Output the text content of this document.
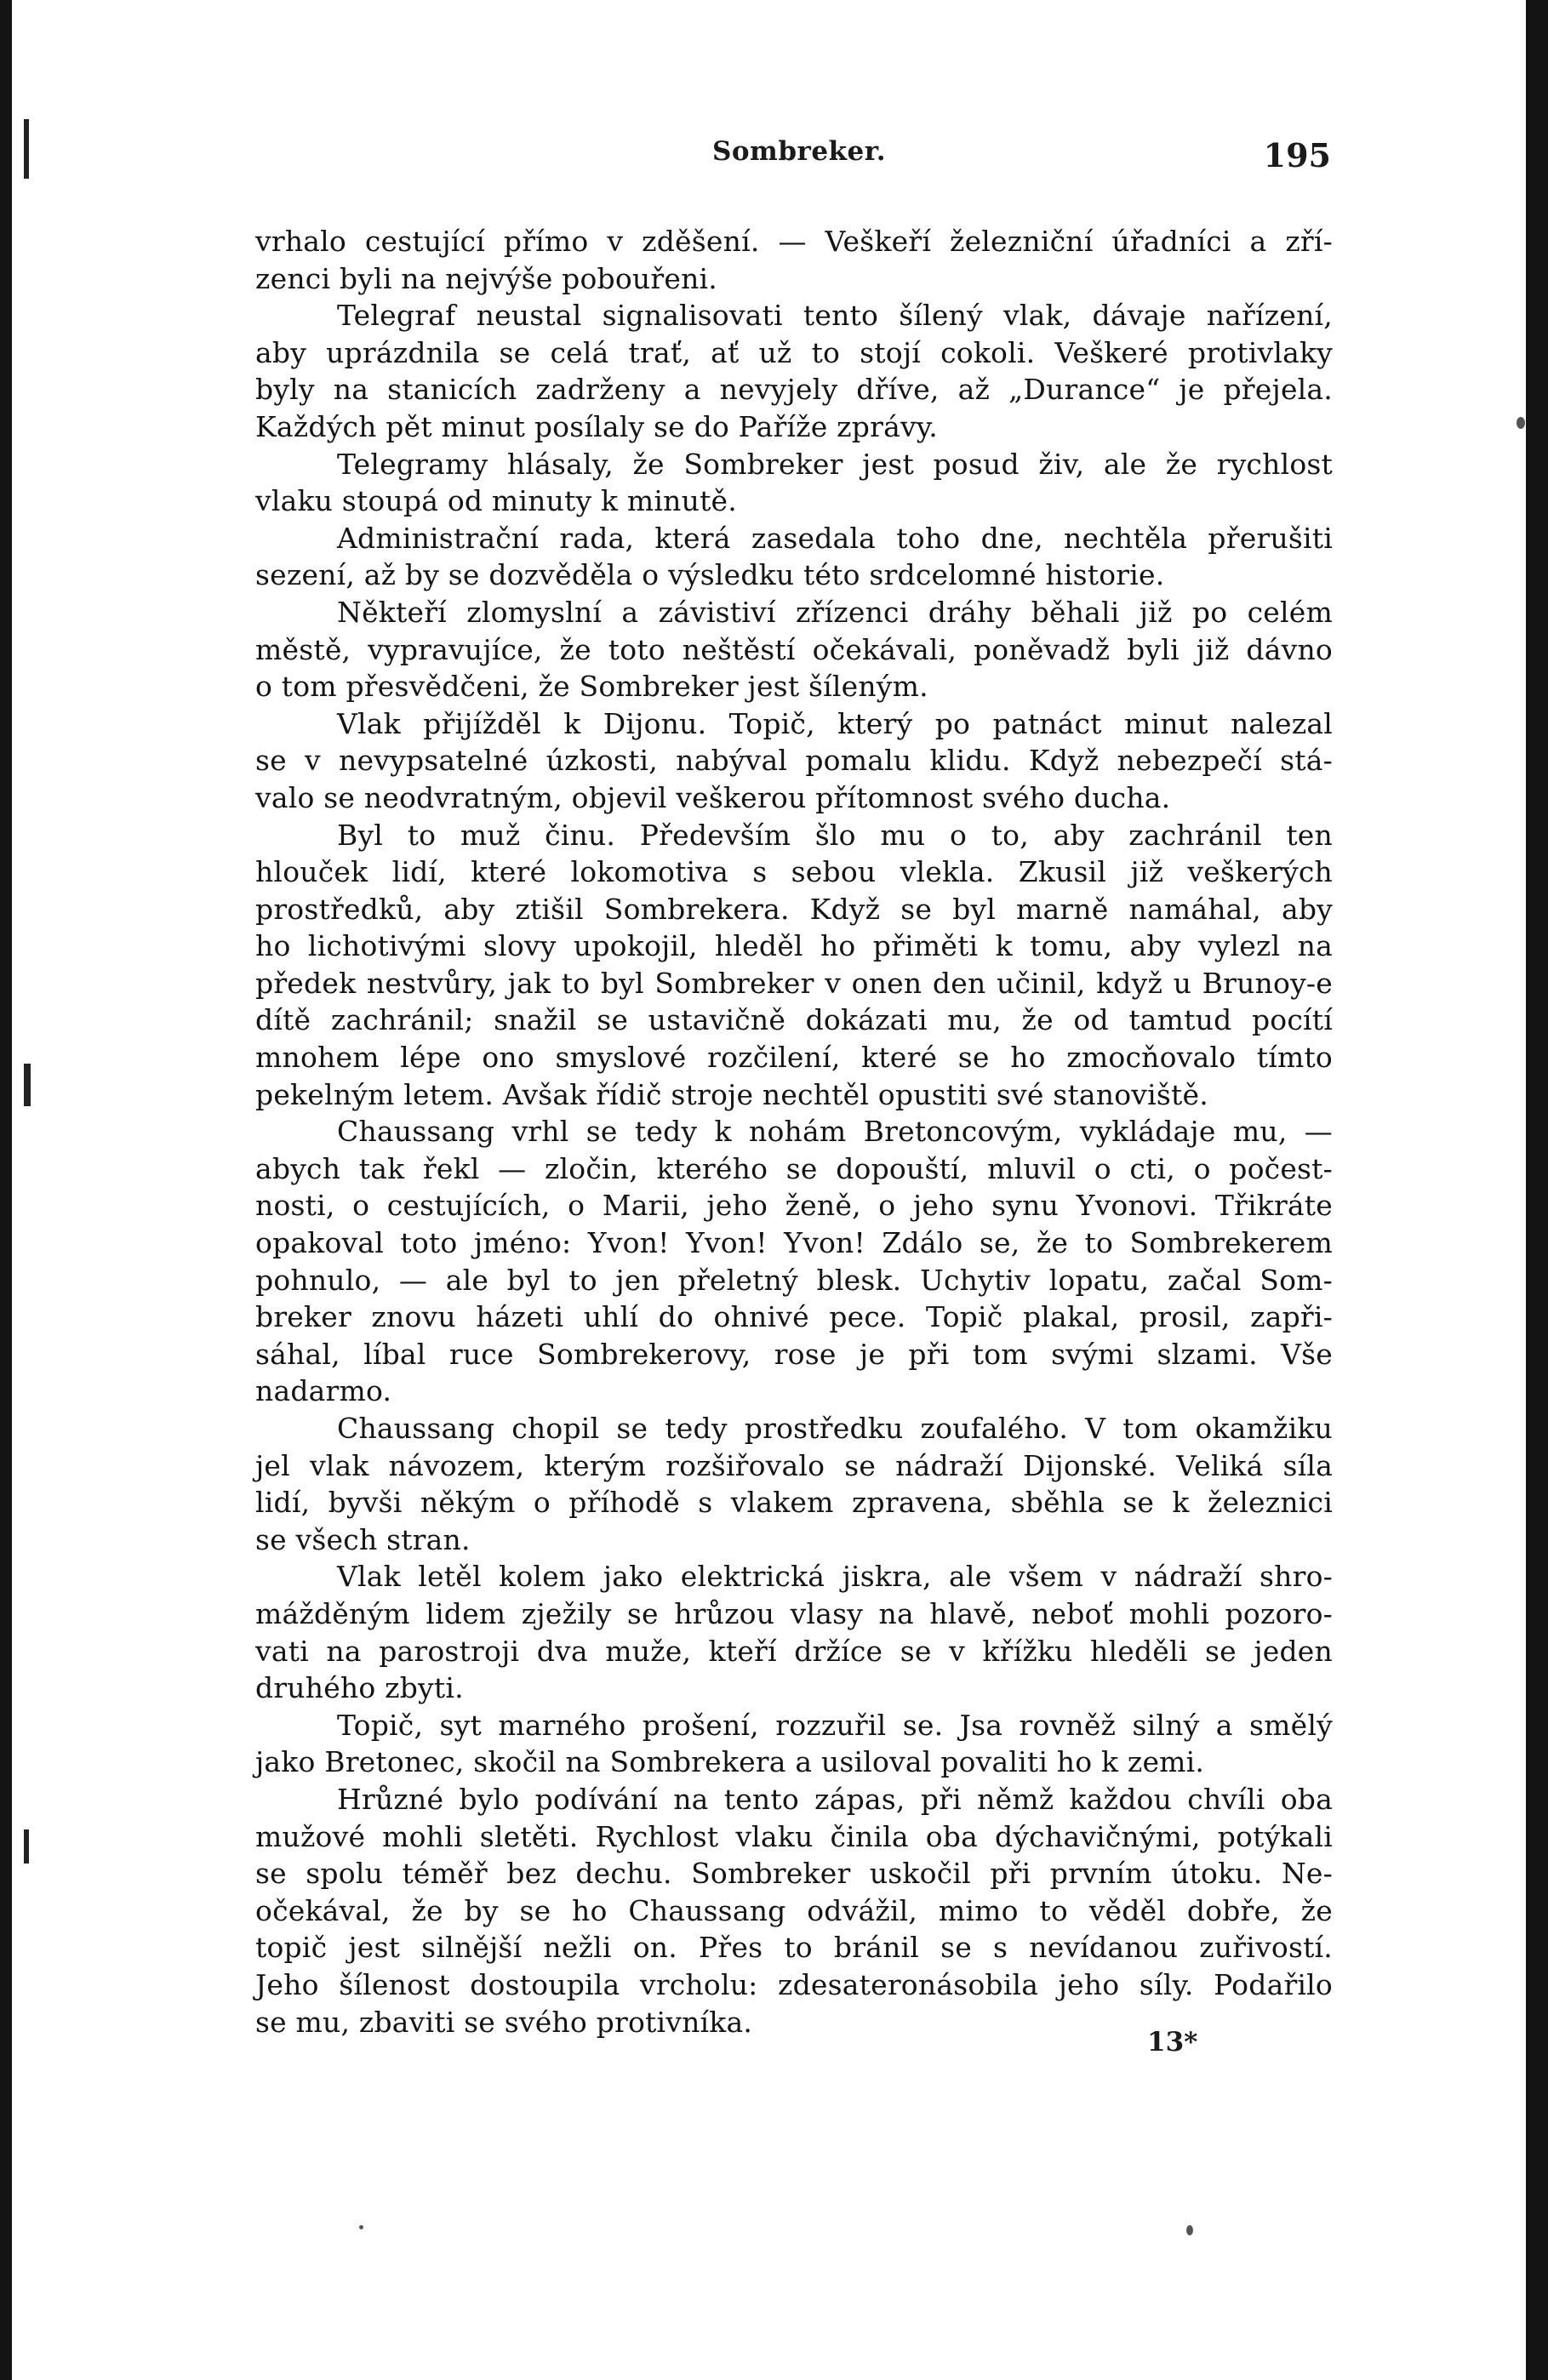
Sombreker.	195
vrhalo cestující přímo v zděšení. — Veškeří železniční úřadníci a zří-
zenci byli na nejvýše pobouřeni.
Telegraf neustal signalisovati tento šílený vlak, dávaje nařízení,
aby uprázdnila se celá trať, ať už to stojí cokoli. Veškeré protivlaky
byly na stanicích zadrženy a nevyjely dříve, až „Durance“ je přejela.
Každých pět minut posílaly se do Paříže zprávy.
Telegramy hlásaly, že Sombreker jest posud živ, ale že rychlost
vlaku stoupá od minuty k minutě.
Administrační rada, která zasedala toho dne, nechtěla přerušiti
sezení, až by se dozvěděla o výsledku této srdcelomné historie.
Někteří zlomyslní a závistiví zřízenci dráhy běhali již po celém
městě, vypravujíce, že toto neštěstí očekávali, poněvadž byli již dávno
o tom přesvědčeni, že Sombreker jest šíleným.
Vlak přijížděl k Dijonu. Topič, který po patnáct minut nalezal
se v nevypsatelné úzkosti, nabýval pomalu klidu. Když nebezpečí stá-
valo se neodvratným, objevil veškerou přítomnost svého ducha.
Byl to muž činu. Především šlo mu o to, aby zachránil ten
hlouček lidí, které lokomotiva s sebou vlekla. Zkusil již veškerých
prostředků, aby ztišil Sombrekera. Když se byl marně namáhal, aby
ho lichotivými slovy upokojil, hleděl ho přiměti k tomu, aby vylezl na
předek nestvůry, jak to byl Sombreker v onen den učinil, když u Brunoy-e
dítě zachránil; snažil se ustavičně dokázati mu, že od tamtud pocítí
mnohem lépe ono smyslové rozčilení, které se ho zmocňovalo tímto
pekelným letem. Avšak řídič stroje nechtěl opustiti své stanoviště.
Chaussang vrhl se tedy k nohám Bretoncovým, vykládaje mu, —
abych tak řekl — zločin, kterého se dopouští, mluvil o cti, o počest-
nosti, o cestujících, o Marii, jeho ženě, o jeho synu Yvonovi. Třikráte
opakoval toto jméno: Yvon! Yvon! Yvon! Zdálo se, že to Sombrekerem
pohnulo, — ale byl to jen přeletný blesk. Uchytiv lopatu, začal Som-
breker znovu házeti uhlí do ohnivé pece. Topič plakal, prosil, zapři-
sáhal, líbal ruce Sombrekerovy, rose je při tom svými slzami. Vše
nadarmo.
Chaussang chopil se tedy prostředku zoufalého. V tom okamžiku
jel vlak návozem, kterým rozšiřovalo se nádraží Dijonské. Veliká síla
lidí, byvši někým o příhodě s vlakem zpravena, sběhla se k železnici
se všech stran.
Vlak letěl kolem jako elektrická jiskra, ale všem v nádraží shro-
mážděným lidem zježily se hrůzou vlasy na hlavě, neboť mohli pozoro-
vati na parostroji dva muže, kteří držíce se v křížku hleděli se jeden
druhého zbyti.
Topič, syt marného prošení, rozzuřil se. Jsa rovněž silný a smělý
jako Bretonec, skočil na Sombrekera a usiloval povaliti ho k zemi.
Hrůzné bylo podívání na tento zápas, při němž každou chvíli oba
mužové mohli sletěti. Rychlost vlaku činila oba dýchavičnými, potýkali
se spolu téměř bez dechu. Sombreker uskočil při prvním útoku. Ne-
očekával, že by se ho Chaussang odvážil, mimo to věděl dobře, že
topič jest silnější nežli on. Přes to bránil se s nevídanou zuřivostí.
Jeho šílenost dostoupila vrcholu: zdesateronásobila jeho síly. Podařilo
se mu, zbaviti se svého protivníka.
13*
